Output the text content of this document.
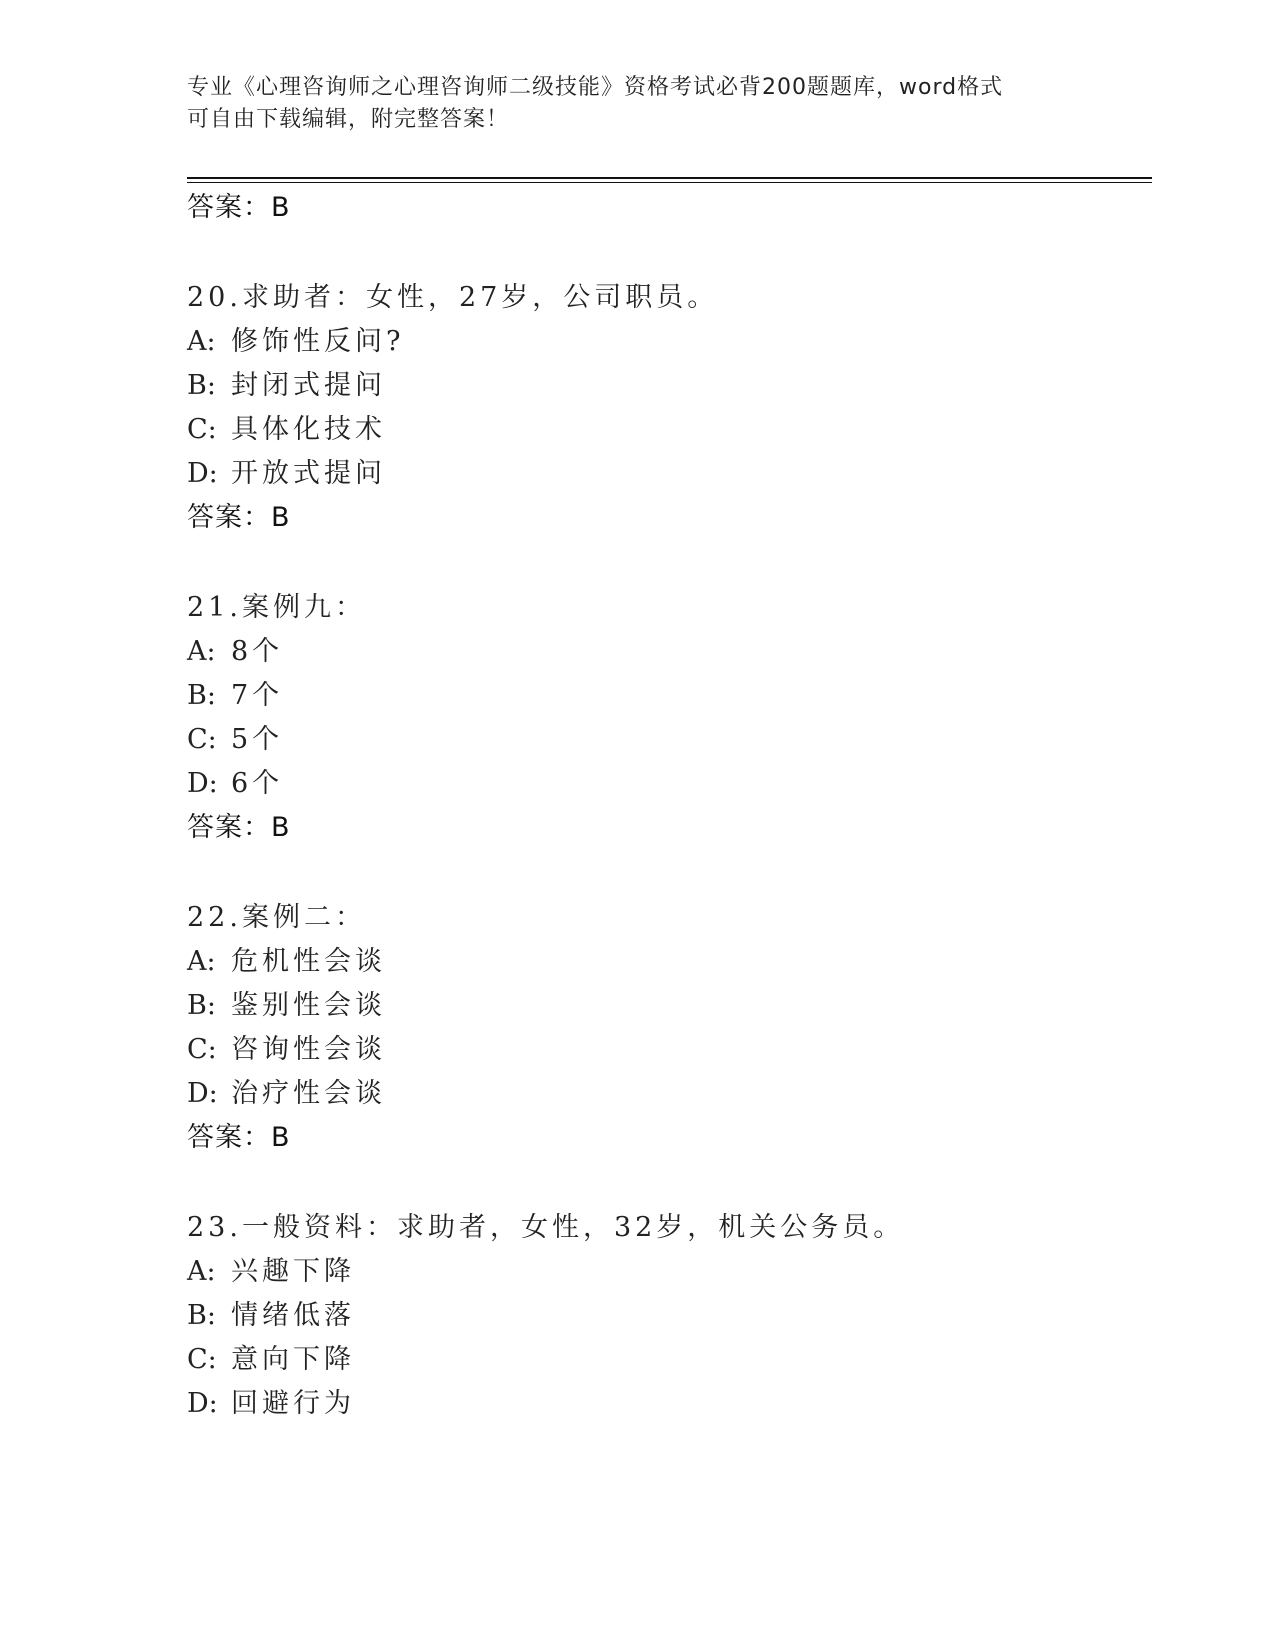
专业《心理咨询师之心理咨询师二级技能》资格考试必背200题题库，word格式
可自由下载编辑，附完整答案！
答案：B
20.求助者：女性，27岁，公司职员。
A: 修饰性反问?
B: 封闭式提问
C: 具体化技术
D: 开放式提问
答案：B
21.案例九：
A: 8个
B: 7个
C: 5个
D: 6个
答案：B
22.案例二：
A: 危机性会谈
B: 鉴别性会谈
C: 咨询性会谈
D: 治疗性会谈
答案：B
23.一般资料：求助者，女性，32岁，机关公务员。
A: 兴趣下降
B: 情绪低落
C: 意向下降
D: 回避行为
